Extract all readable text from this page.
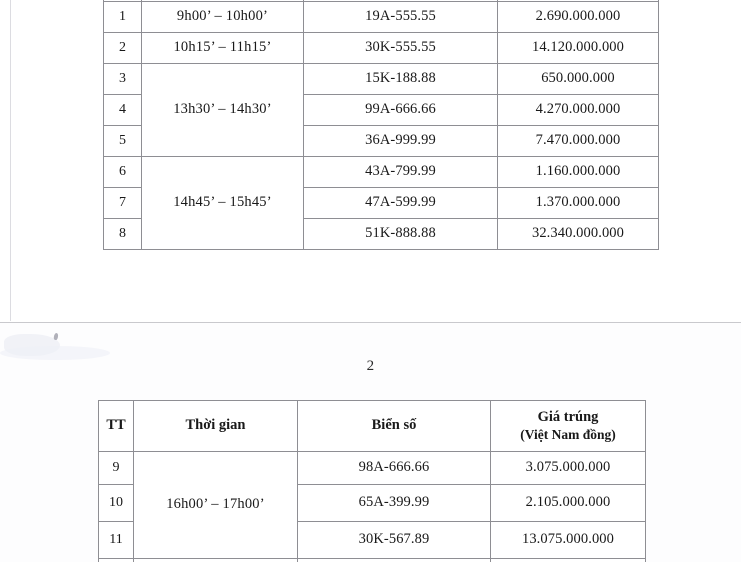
1	9h00’ – 10h00’	19A-555.55	2.690.000.000
2	10h15’ – 11h15’	30K-555.55	14.120.000.000
3	13h30’ – 14h30’	15K-188.88	650.000.000
4		99A-666.66	4.270.000.000
5		36A-999.99	7.470.000.000
6	14h45’ – 15h45’	43A-799.99	1.160.000.000
7		47A-599.99	1.370.000.000
8		51K-888.88	32.340.000.000
2
TT	Thời gian	Biển số	Giá trúng
(Việt Nam đồng)

9	16h00’ – 17h00’	98A-666.66	3.075.000.000
10		65A-399.99	2.105.000.000
11		30K-567.89	13.075.000.000
